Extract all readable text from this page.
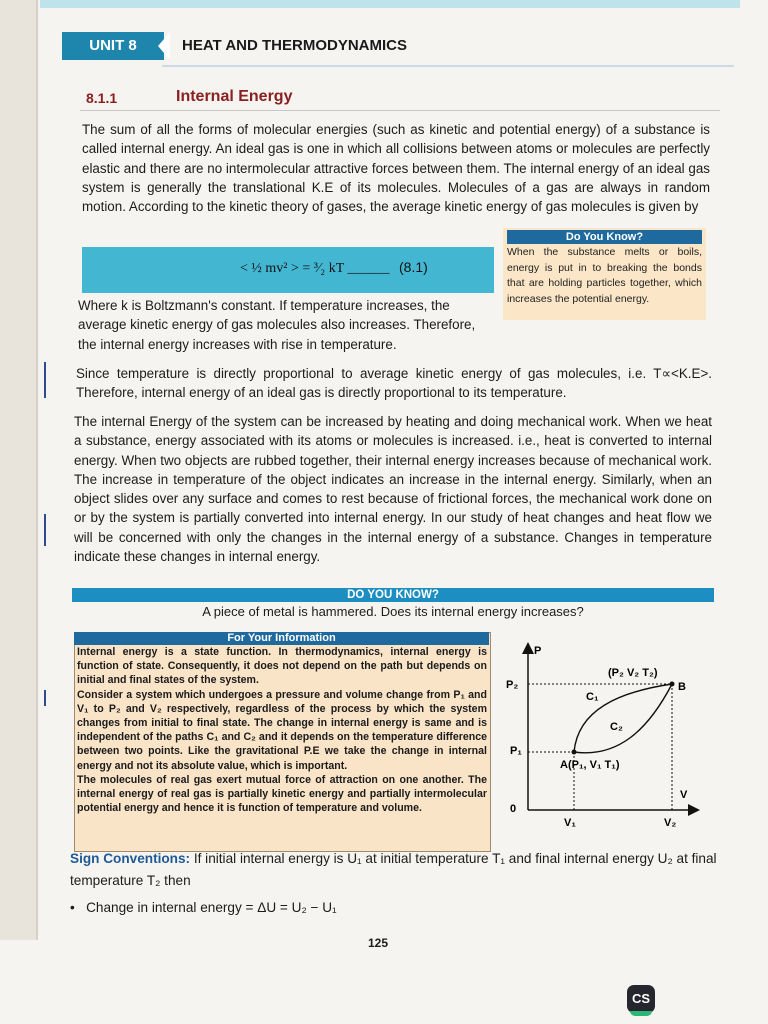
UNIT 8	HEAT AND THERMODYNAMICS
8.1.1	Internal Energy
The sum of all the forms of molecular energies (such as kinetic and potential energy) of a substance is called internal energy. An ideal gas is one in which all collisions between atoms or molecules are perfectly elastic and there are no intermolecular attractive forces between them. The internal energy of an ideal gas system is generally the translational K.E of its molecules. Molecules of a gas are always in random motion. According to the kinetic theory of gases, the average kinetic energy of gas molecules is given by
< ½ mv² > = ³⁄₂ kT ______ (8.1)
Do You Know?
When the substance melts or boils, energy is put in to breaking the bonds that are holding particles together, which increases the potential energy.
Where k is Boltzmann's constant. If temperature increases, the average kinetic energy of gas molecules also increases. Therefore, the internal energy increases with rise in temperature.
Since temperature is directly proportional to average kinetic energy of gas molecules, i.e. T∝<K.E>. Therefore, internal energy of an ideal gas is directly proportional to its temperature.
The internal Energy of the system can be increased by heating and doing mechanical work. When we heat a substance, energy associated with its atoms or molecules is increased. i.e., heat is converted to internal energy. When two objects are rubbed together, their internal energy increases because of mechanical work. The increase in temperature of the object indicates an increase in the internal energy. Similarly, when an object slides over any surface and comes to rest because of frictional forces, the mechanical work done on or by the system is partially converted into internal energy. In our study of heat changes and heat flow we will be concerned with only the changes in the internal energy of a substance. Changes in temperature indicate these changes in internal energy.
DO YOU KNOW?
A piece of metal is hammered. Does its internal energy increases?
For Your Information
Internal energy is a state function. In thermodynamics, internal energy is function of state. Consequently, it does not depend on the path but depends on initial and final states of the system.
Consider a system which undergoes a pressure and volume change from P₁ and V₁ to P₂ and V₂ respectively, regardless of the process by which the system changes from initial to final state. The change in internal energy is same and is independent of the paths C₁ and C₂ and it depends on the temperature difference between two points. Like the gravitational P.E we take the change in internal energy and not its absolute value, which is important.
The molecules of real gas exert mutual force of attraction on one another. The internal energy of real gas is partially kinetic energy and partially intermolecular potential energy and hence it is function of temperature and volume.
P
V
0
P₂
P₁
V₁	V₂
C₁
C₂
(P₂ V₂ T₂)
B
A(P₁, V₁ T₁)
Sign Conventions: If initial internal energy is U₁ at initial temperature T₁ and final internal energy U₂ at final temperature T₂ then
•   Change in internal energy = ΔU = U₂ − U₁
125
CS
